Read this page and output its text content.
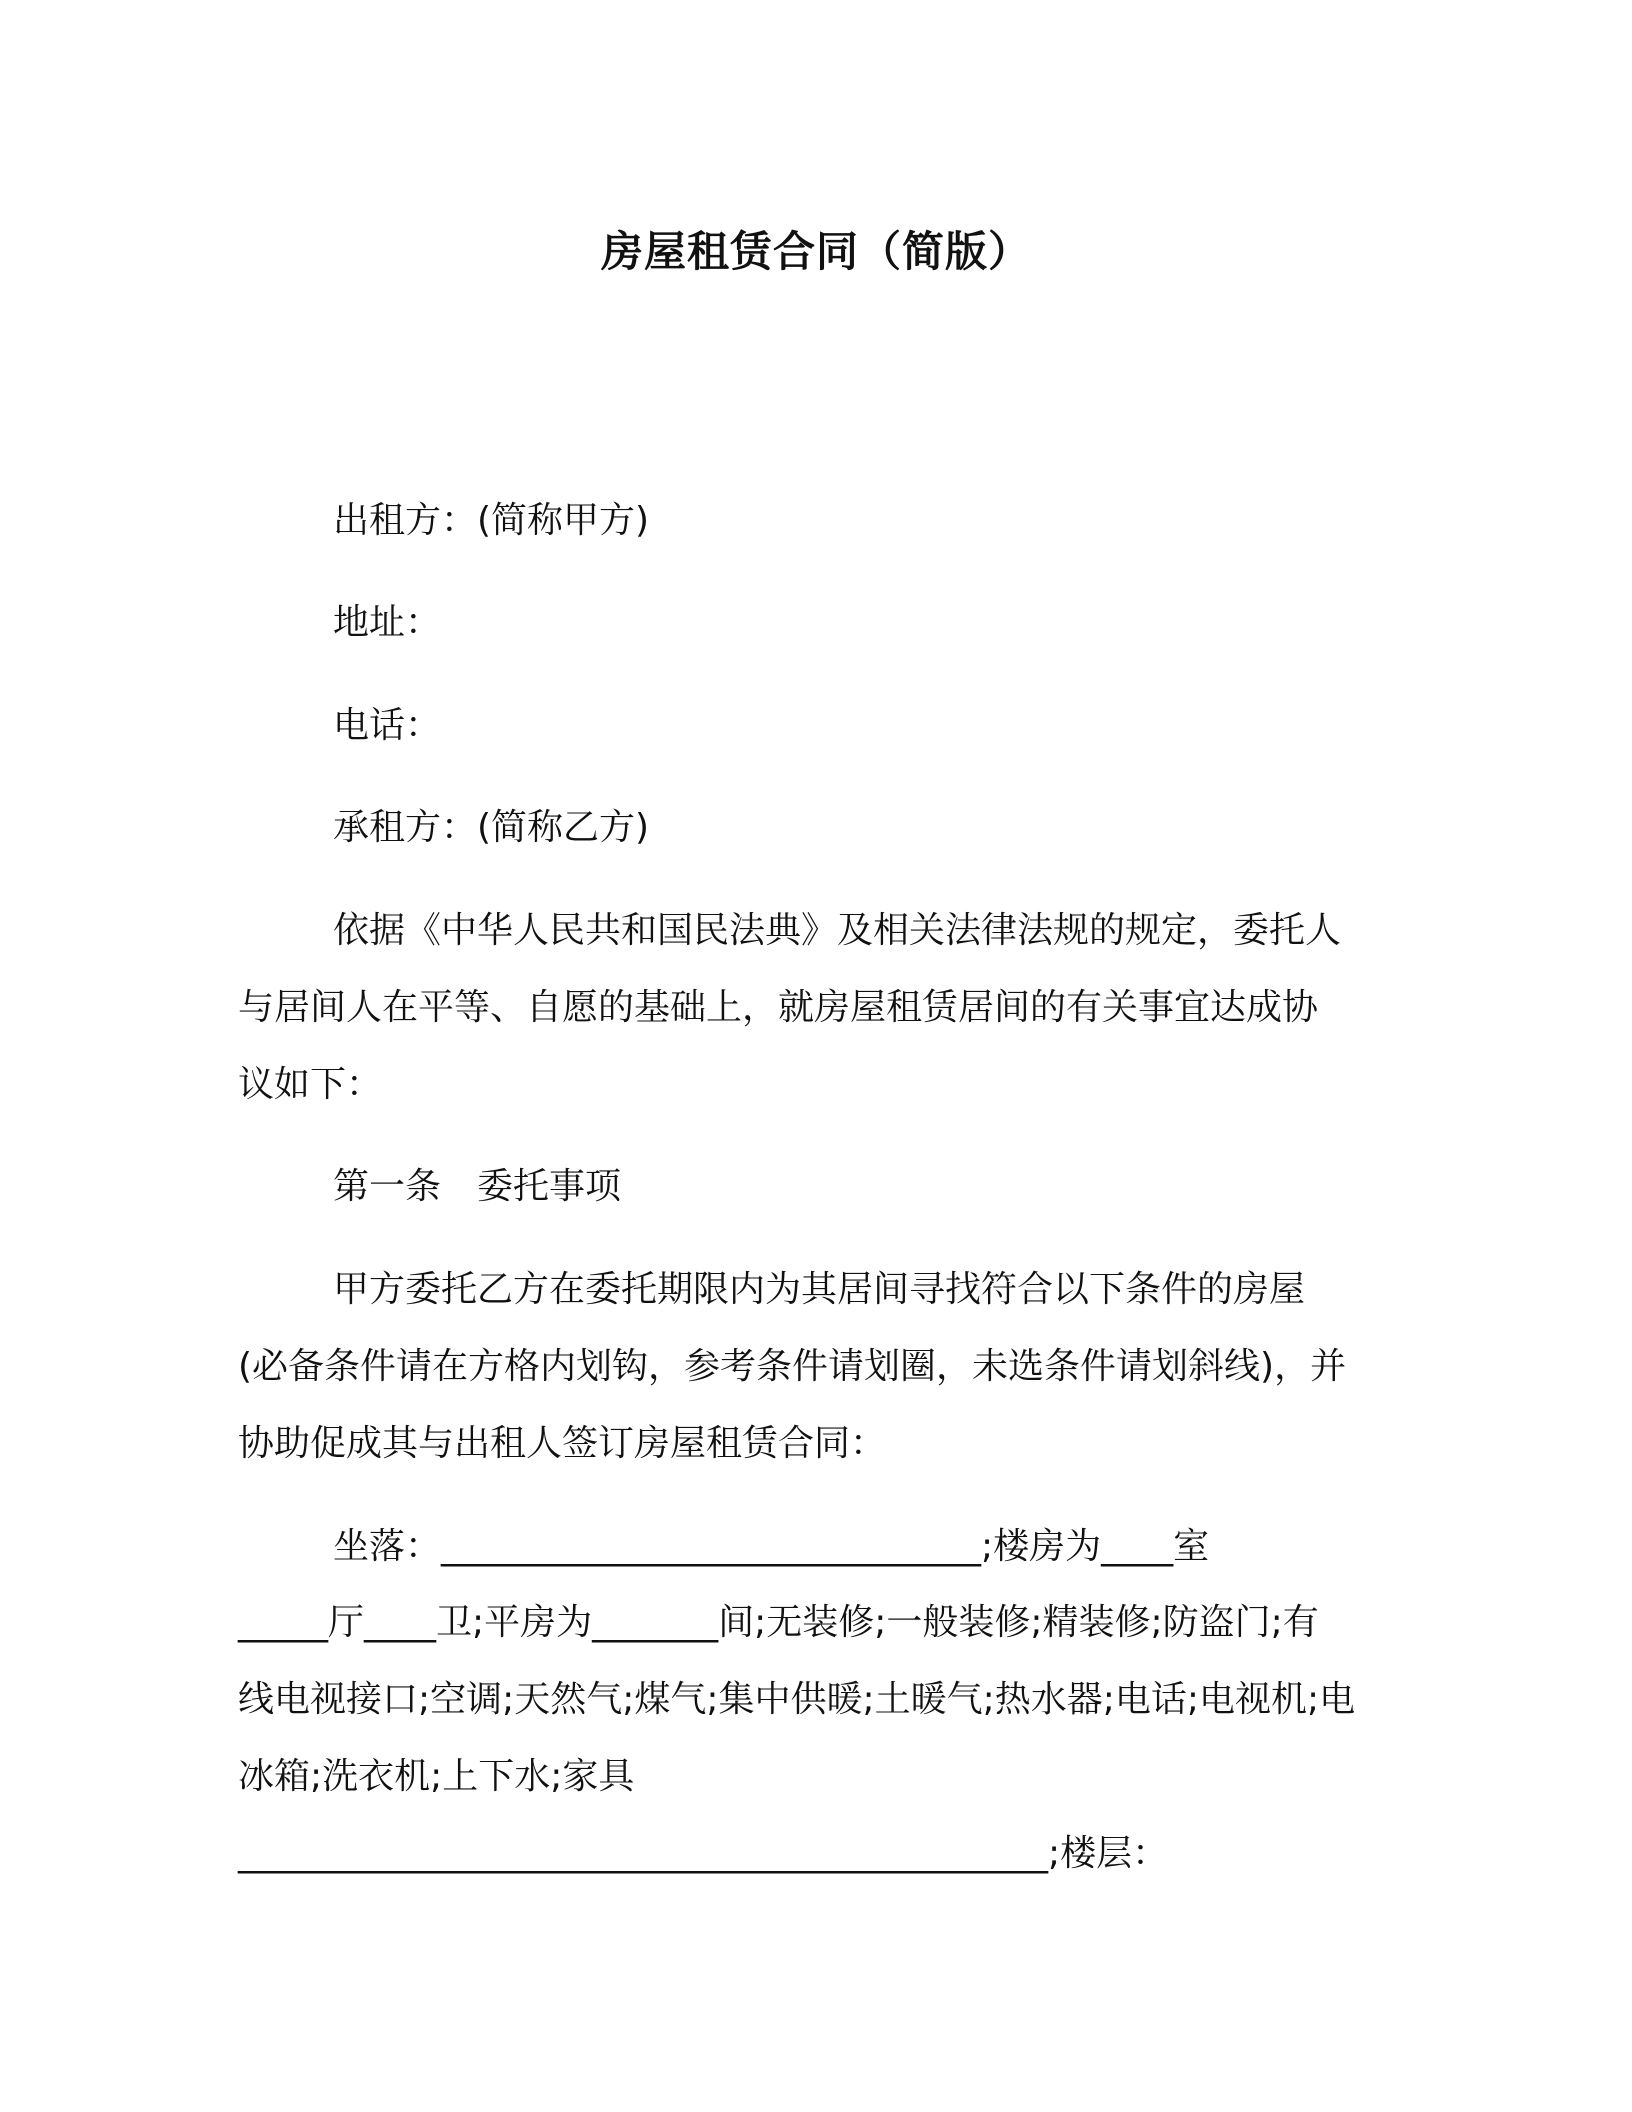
房屋租赁合同（简版）

出租方：(简称甲方)

地址：

电话：

承租方：(简称乙方)

依据《中华人民共和国民法典》及相关法律法规的规定，委托人

与居间人在平等、自愿的基础上，就房屋租赁居间的有关事宜达成协

议如下：

第一条　委托事项

甲方委托乙方在委托期限内为其居间寻找符合以下条件的房屋

(必备条件请在方格内划钩，参考条件请划圈，未选条件请划斜线)，并

协助促成其与出租人签订房屋租赁合同：

坐落：______________________________;楼房为____室

_____厅____卫;平房为_______间;无装修;一般装修;精装修;防盗门;有

线电视接口;空调;天然气;煤气;集中供暖;土暖气;热水器;电话;电视机;电

冰箱;洗衣机;上下水;家具

_____________________________________________;楼层：
